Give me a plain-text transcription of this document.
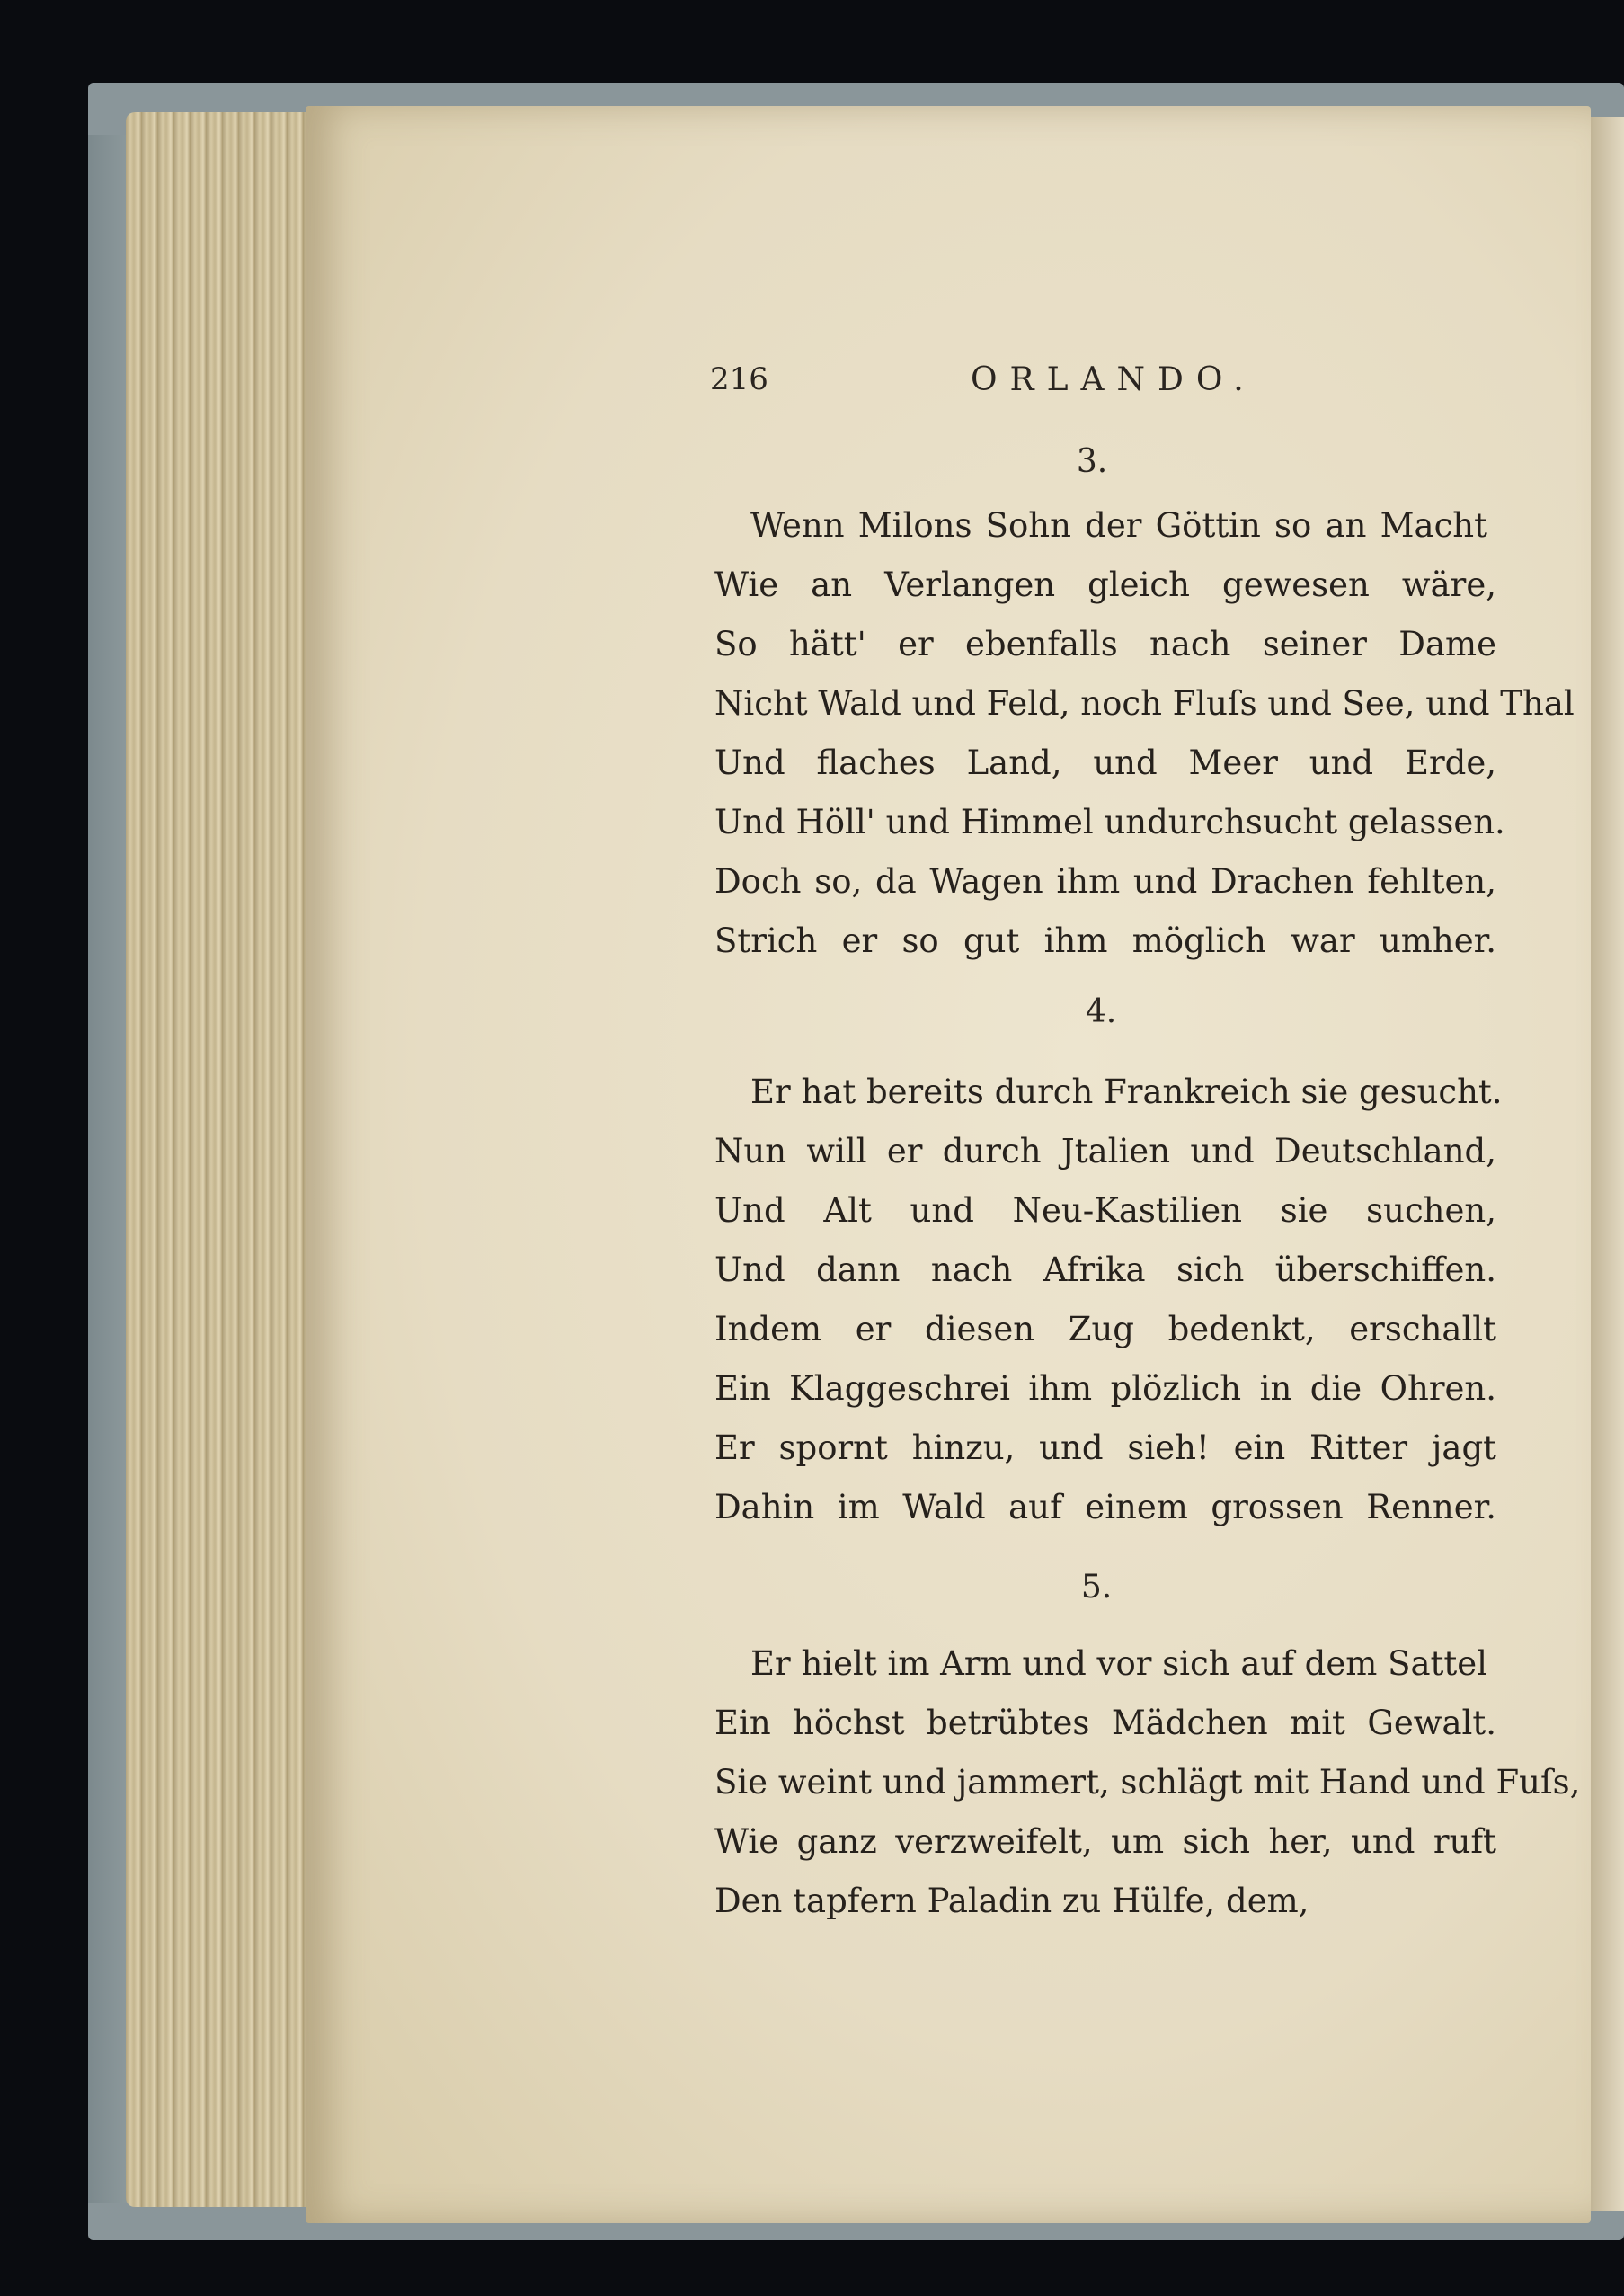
216	ORLANDO.
3.
Wenn Milons Sohn der Göttin so an Macht
Wie an Verlangen gleich gewesen wäre,
So hätt' er ebenfalls nach seiner Dame
Nicht Wald und Feld, noch Fluſs und See, und Thal
Und flaches Land, und Meer und Erde,
Und Höll' und Himmel undurchsucht gelassen.
Doch so, da Wagen ihm und Drachen fehlten,
Strich er so gut ihm möglich war umher.
4.
Er hat bereits durch Frankreich sie gesucht.
Nun will er durch Jtalien und Deutschland,
Und Alt und Neu-Kastilien sie suchen,
Und dann nach Afrika sich überschiffen.
Indem er diesen Zug bedenkt, erschallt
Ein Klaggeschrei ihm plözlich in die Ohren.
Er spornt hinzu, und sieh! ein Ritter jagt
Dahin im Wald auf einem grossen Renner.
5.
Er hielt im Arm und vor sich auf dem Sattel
Ein höchst betrübtes Mädchen mit Gewalt.
Sie weint und jammert, schlägt mit Hand und Fuſs,
Wie ganz verzweifelt, um sich her, und ruft
Den tapfern Paladin zu Hülfe, dem,
